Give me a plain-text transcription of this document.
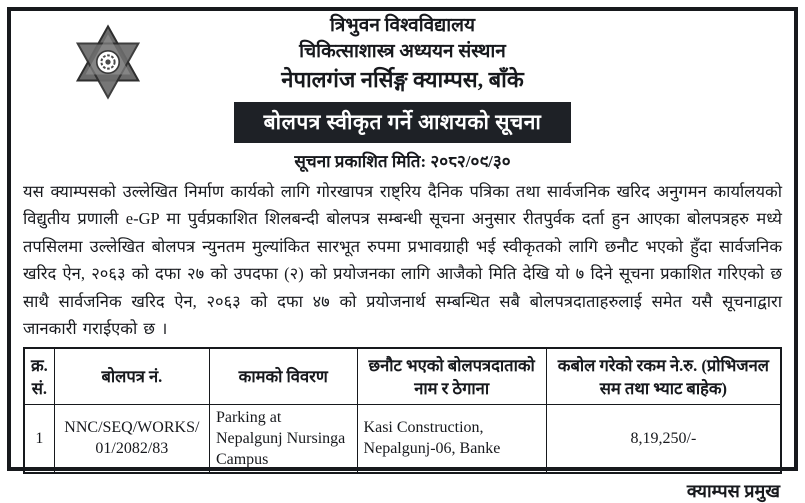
त्रिभुवन विश्वविद्यालय
चिकित्साशास्त्र अध्ययन संस्थान
नेपालगंज नर्सिङ्ग क्याम्पस, बाँके
बोलपत्र स्वीकृत गर्ने आशयको सूचना
सूचना प्रकाशित मिति: २०८२/०९/३०
यस क्याम्पसको उल्लेखित निर्माण कार्यको लागि गोरखापत्र राष्ट्रिय दैनिक पत्रिका तथा सार्वजनिक खरिद अनुगमन कार्यालयको विद्युतीय प्रणाली e-GP मा पुर्वप्रकाशित शिलबन्दी बोलपत्र सम्बन्धी सूचना अनुसार रीतपुर्वक दर्ता हुन आएका बोलपत्रहरु मध्ये तपसिलमा उल्लेखित बोलपत्र न्युनतम मुल्यांकित सारभूत रुपमा प्रभावग्राही भई स्वीकृतको लागि छनौट भएको हुँदा सार्वजनिक खरिद ऐन, २०६३ को दफा २७ को उपदफा (२) को प्रयोजनका लागि आजैको मिति देखि यो ७ दिने सूचना प्रकाशित गरिएको छ साथै सार्वजनिक खरिद ऐन, २०६३ को दफा ४७ को प्रयोजनार्थ सम्बन्धित सबै बोलपत्रदाताहरुलाई समेत यसै सूचनाद्वारा जानकारी गराईएको छ ।
क्र. सं.	बोलपत्र नं.	कामको विवरण	छनौट भएको बोलपत्रदाताको नाम र ठेगाना	कबोल गरेको रकम ने.रु. (प्रोभिजनल सम तथा भ्याट बाहेक)
1	NNC/SEQ/WORKS/01/2082/83	Parking at Nepalgunj Nursinga Campus	Kasi Construction, Nepalgunj-06, Banke	8,19,250/-
क्याम्पस प्रमुख
